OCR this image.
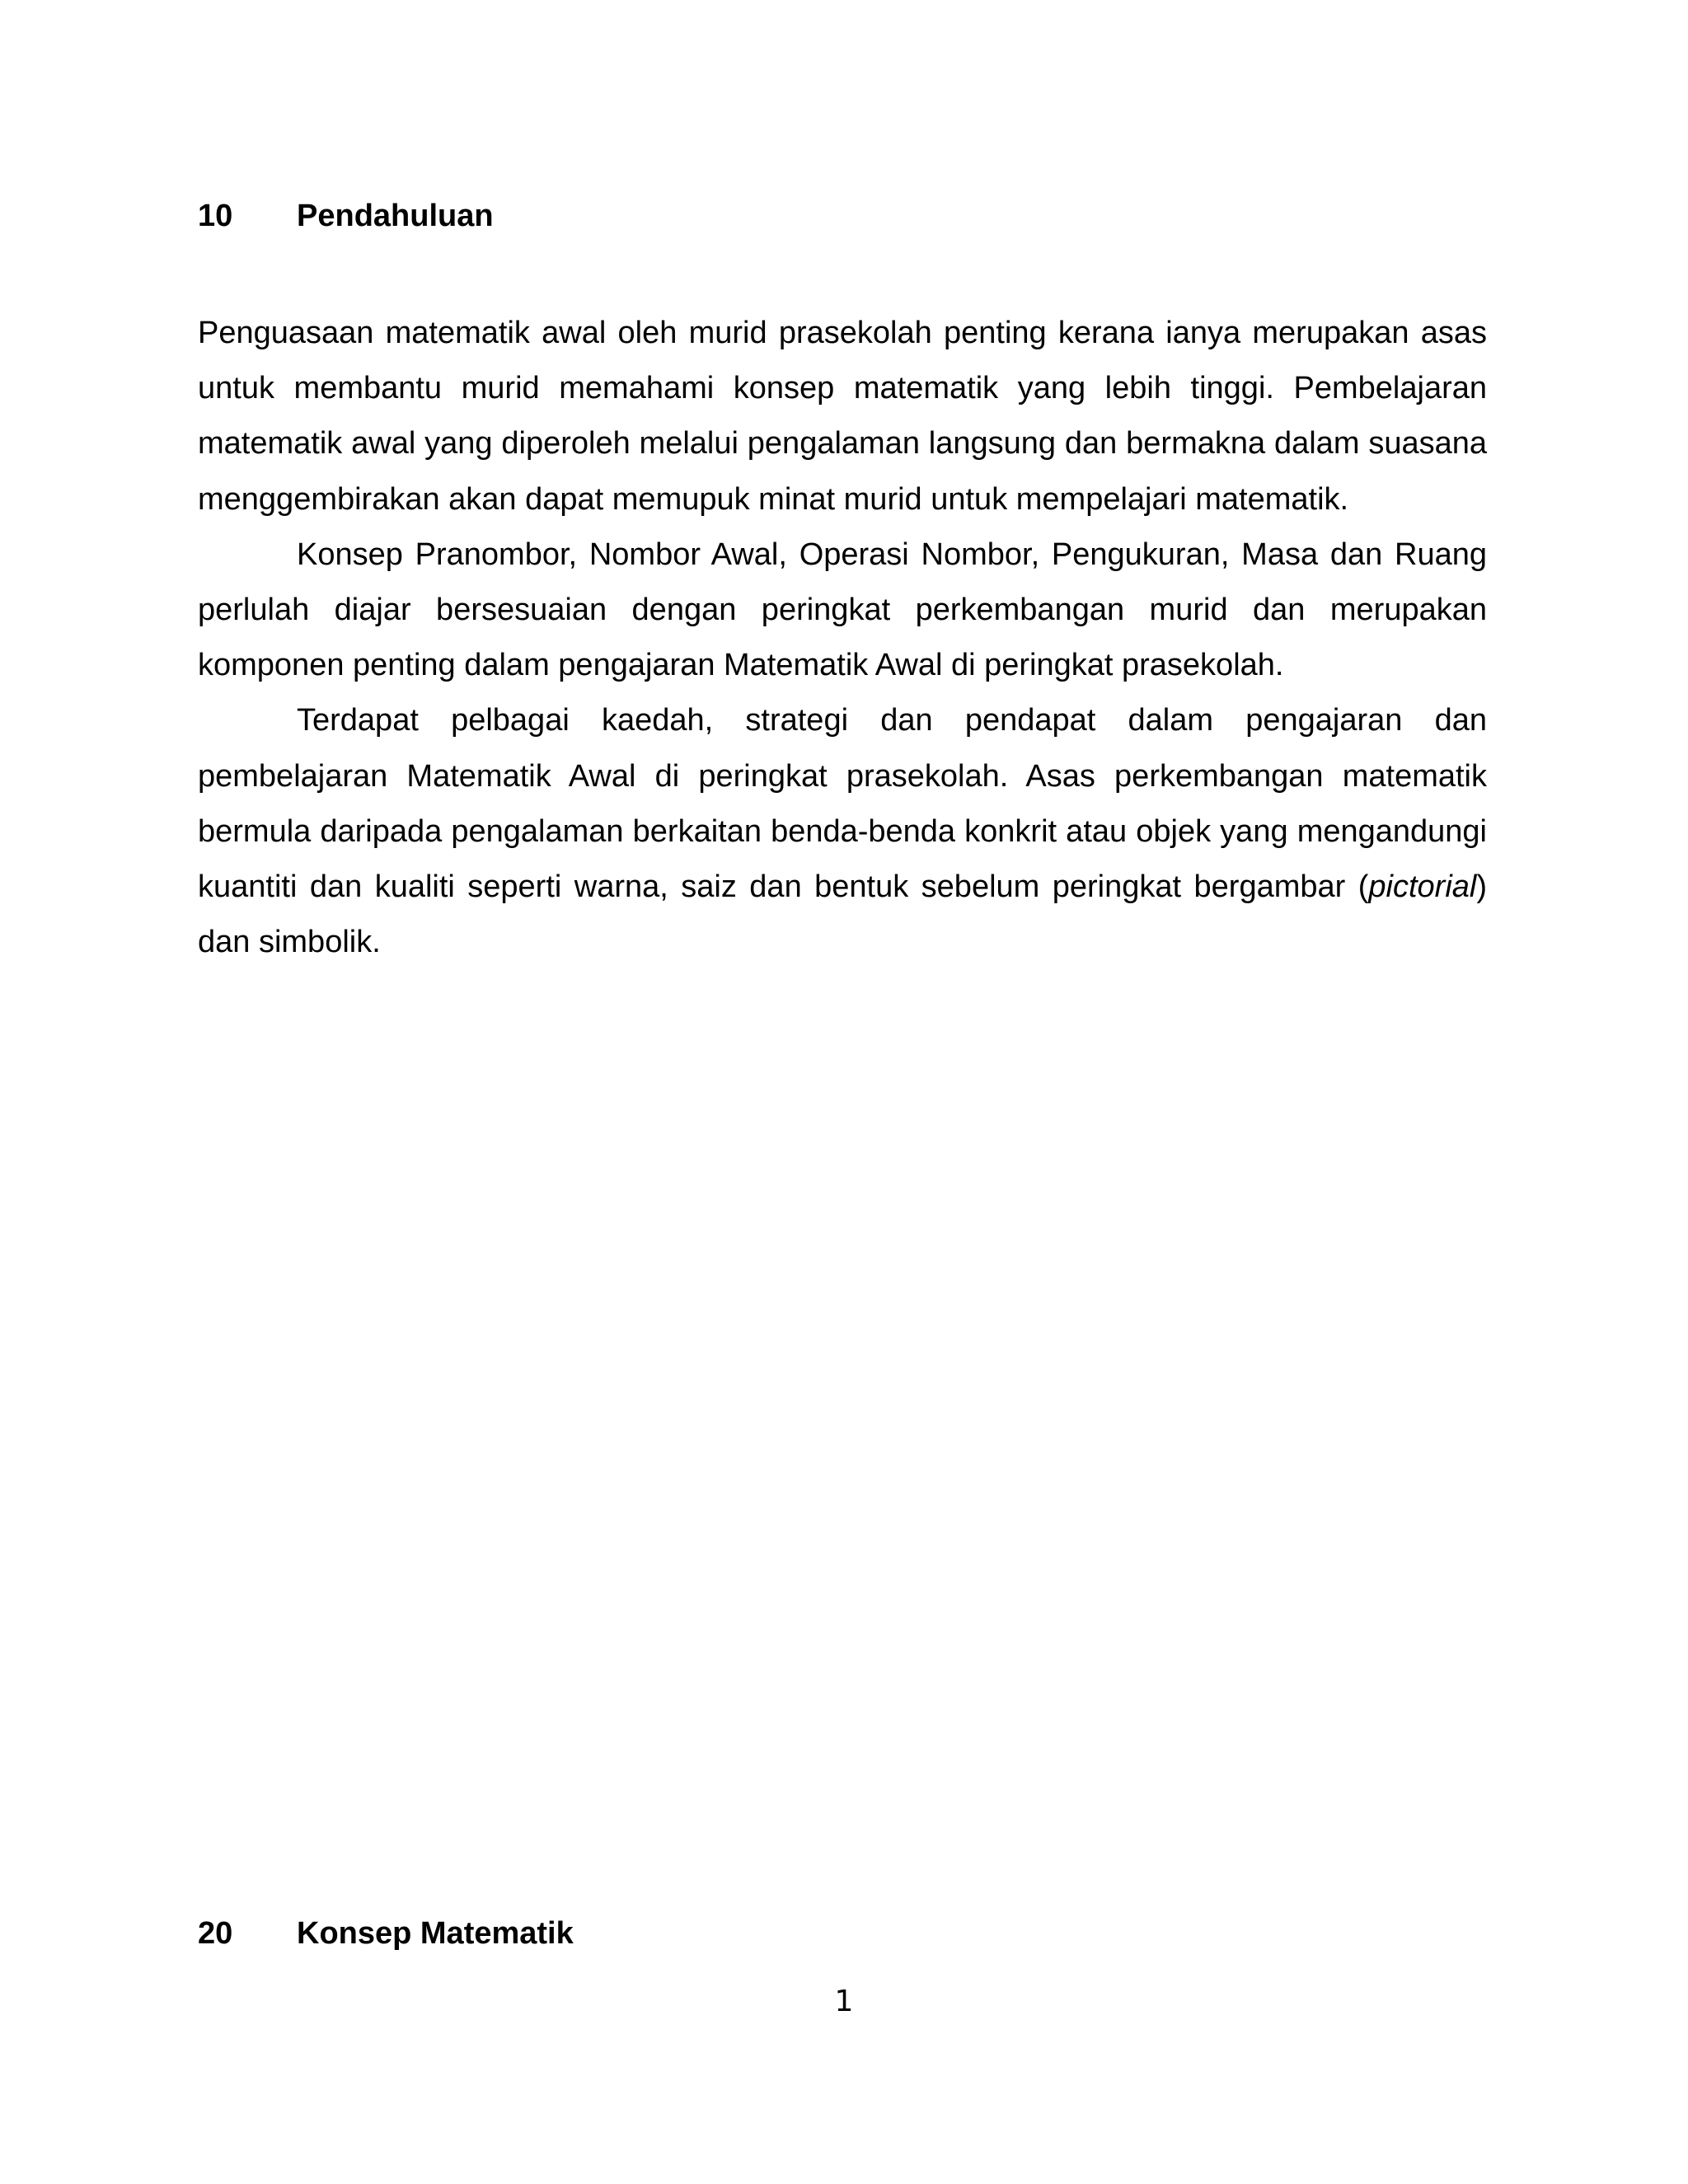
10 Pendahuluan

Penguasaan matematik awal oleh murid prasekolah penting kerana ianya merupakan asas untuk membantu murid memahami konsep matematik yang lebih tinggi. Pembelajaran matematik awal yang diperoleh melalui pengalaman langsung dan bermakna dalam suasana menggembirakan akan dapat memupuk minat murid untuk mempelajari matematik.

Konsep Pranombor, Nombor Awal, Operasi Nombor, Pengukuran, Masa dan Ruang perlulah diajar bersesuaian dengan peringkat perkembangan murid dan merupakan komponen penting dalam pengajaran Matematik Awal di peringkat prasekolah.

Terdapat pelbagai kaedah, strategi dan pendapat dalam pengajaran dan pembelajaran Matematik Awal di peringkat prasekolah. Asas perkembangan matematik bermula daripada pengalaman berkaitan benda-benda konkrit atau objek yang mengandungi kuantiti dan kualiti seperti warna, saiz dan bentuk sebelum peringkat bergambar (pictorial) dan simbolik.

20 Konsep Matematik
1
